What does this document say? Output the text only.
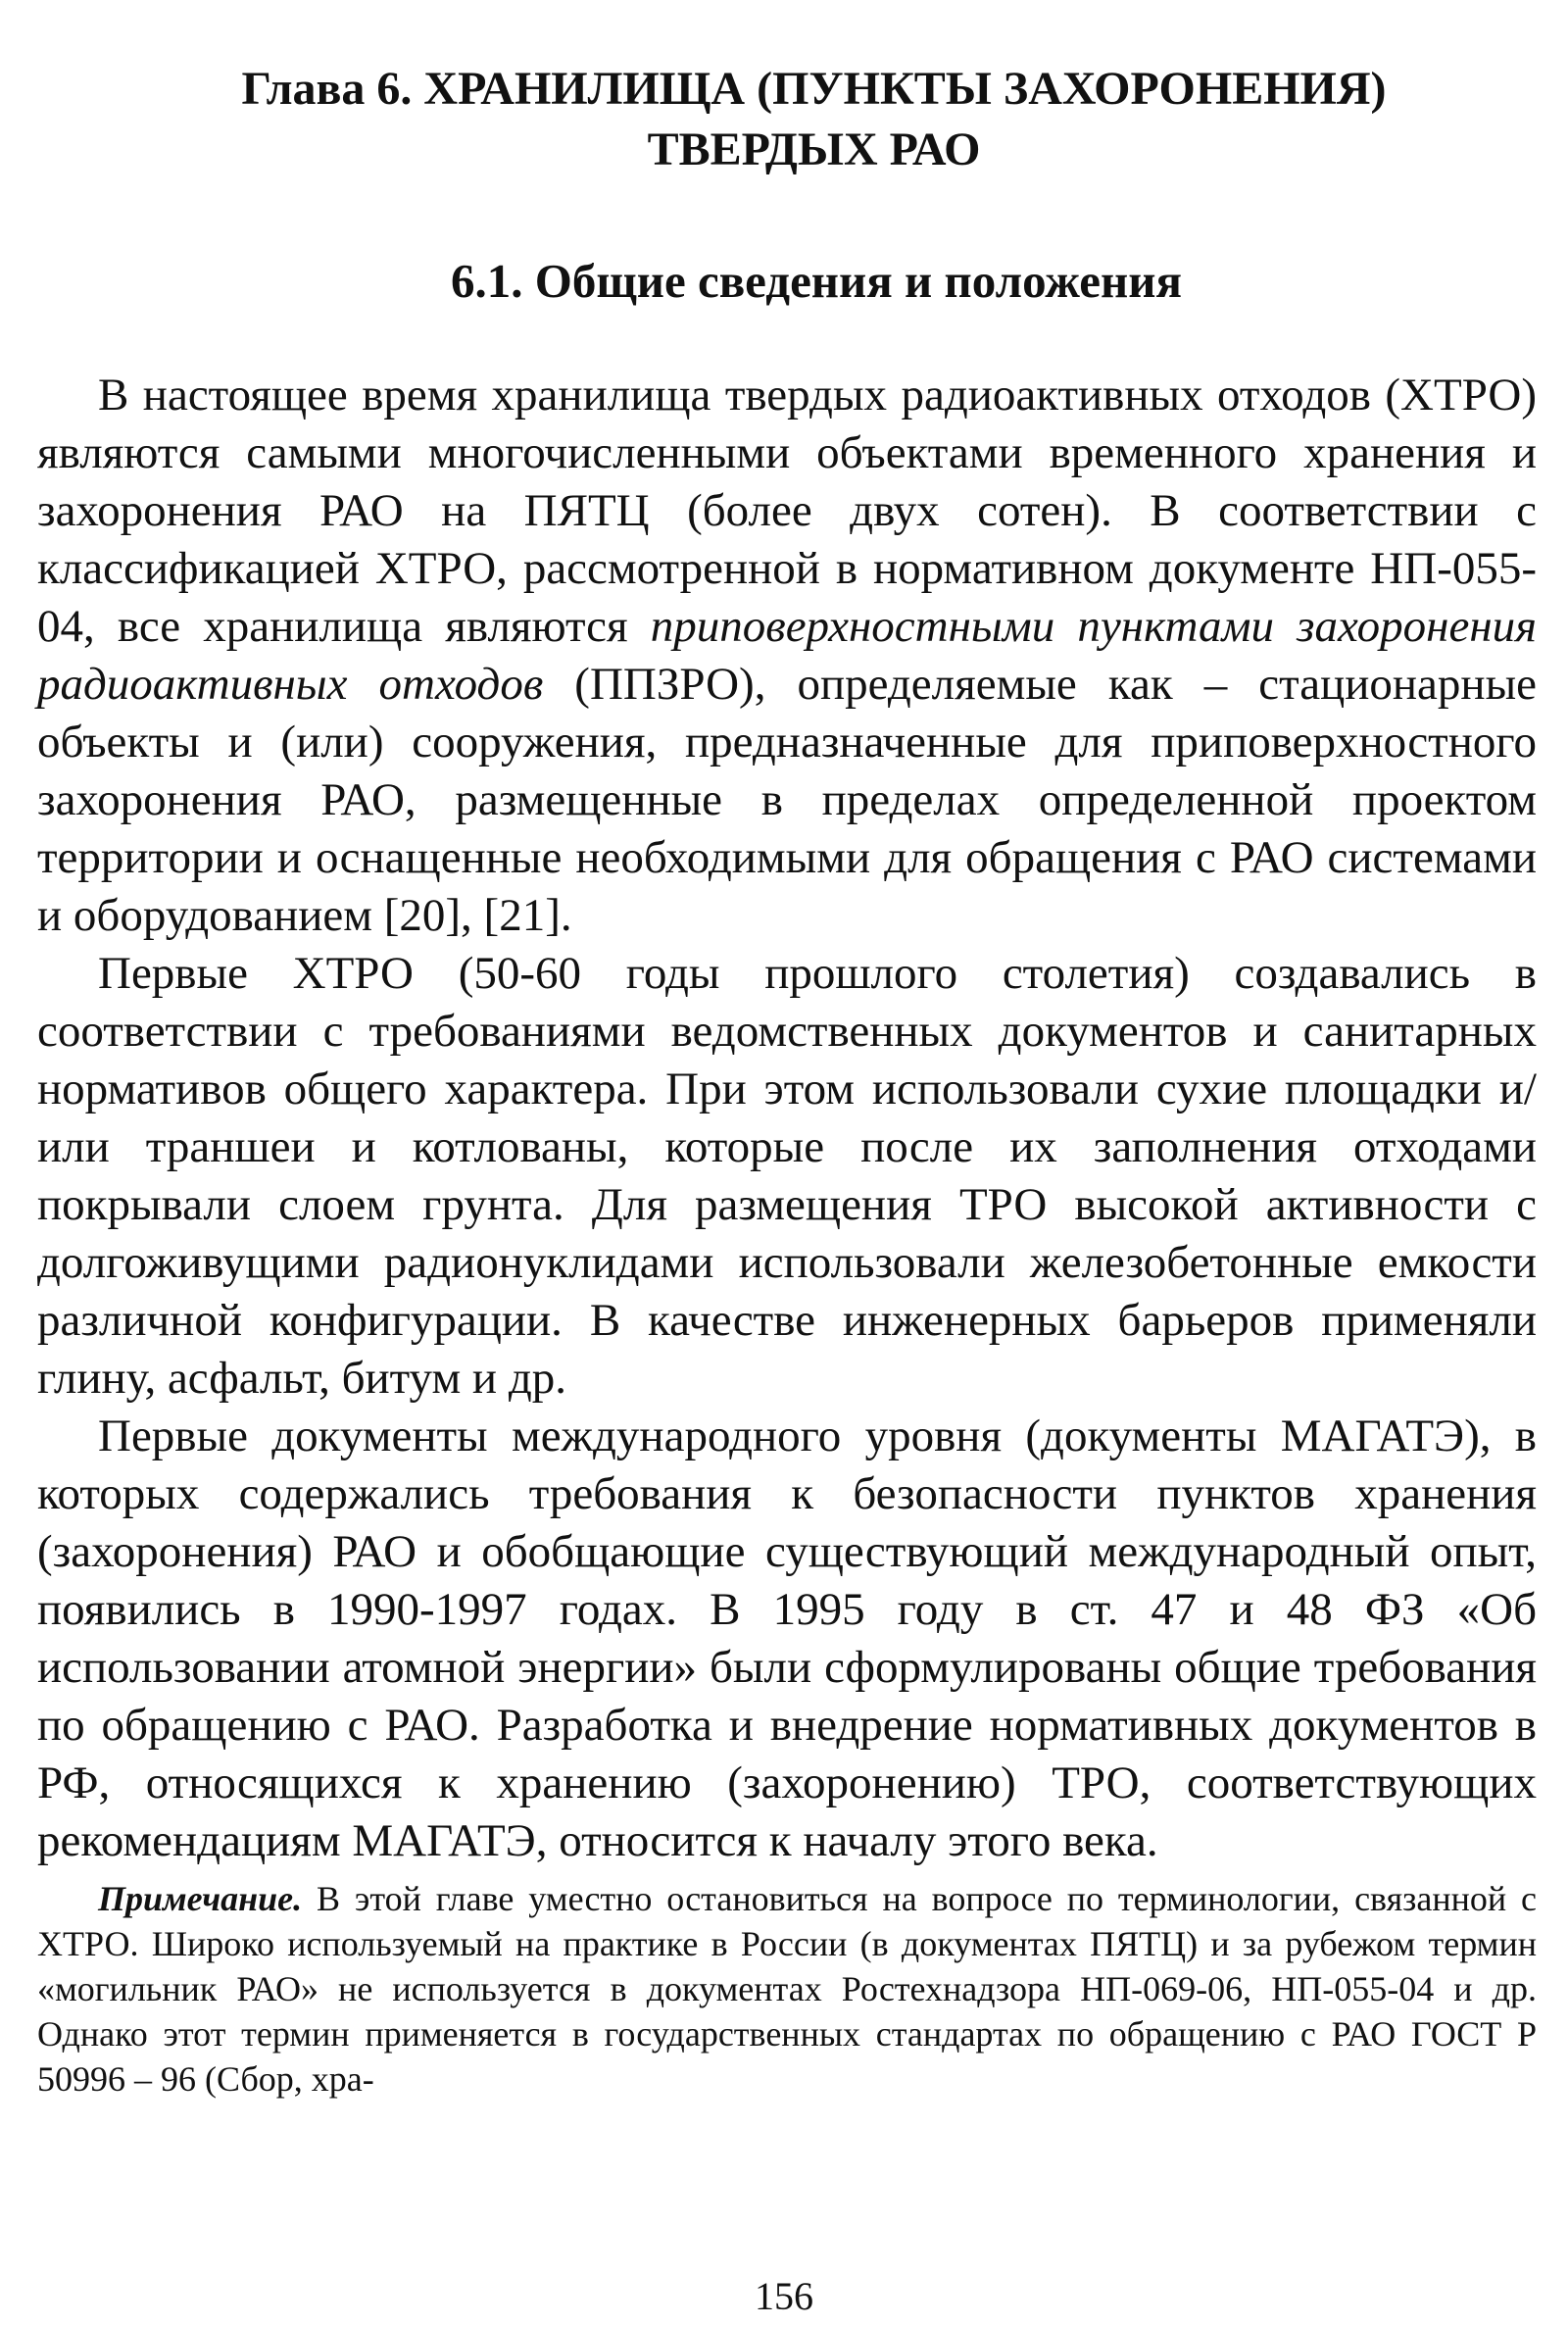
Глава 6. ХРАНИЛИЩА (ПУНКТЫ ЗАХОРОНЕНИЯ)
ТВЕРДЫХ РАО
6.1. Общие сведения и положения

В настоящее время хранилища твердых радиоактивных отходов (ХТРО) являются самыми многочисленными объектами временного хранения и захоронения РАО на ПЯТЦ (более двух сотен). В соответствии с классификацией ХТРО, рассмотренной в нормативном документе НП-055-04, все хранилища являются приповерхностными пунктами захоронения радиоактивных отходов (ППЗРО), определяемые как – стационарные объекты и (или) сооружения, предназначенные для приповерхностного захоронения РАО, размещенные в пределах определенной проектом территории и оснащенные необходимыми для обращения с РАО системами и оборудованием [20], [21].

Первые ХТРО (50-60 годы прошлого столетия) создавались в соответствии с требованиями ведомственных документов и санитарных нормативов общего характера. При этом использовали сухие площадки и/или траншеи и котлованы, которые после их заполнения отходами покрывали слоем грунта. Для размещения ТРО высокой активности с долгоживущими радионуклидами использовали железобетонные емкости различной конфигурации. В качестве инженерных барьеров применяли глину, асфальт, битум и др.

Первые документы международного уровня (документы МАГАТЭ), в которых содержались требования к безопасности пунктов хранения (захоронения) РАО и обобщающие существующий международный опыт, появились в 1990-1997 годах. В 1995 году в ст. 47 и 48 ФЗ «Об использовании атомной энергии» были сформулированы общие требования по обращению с РАО. Разработка и внедрение нормативных документов в РФ, относящихся к хранению (захоронению) ТРО, соответствующих рекомендациям МАГАТЭ, относится к началу этого века.

Примечание. В этой главе уместно остановиться на вопросе по терминологии, связанной с ХТРО. Широко используемый на практике в России (в документах ПЯТЦ) и за рубежом термин «могильник РАО» не используется в документах Ростехнадзора НП-069-06, НП-055-04 и др. Однако этот термин применяется в государственных стандартах по обращению с РАО ГОСТ Р 50996 – 96 (Сбор, хра-

156
